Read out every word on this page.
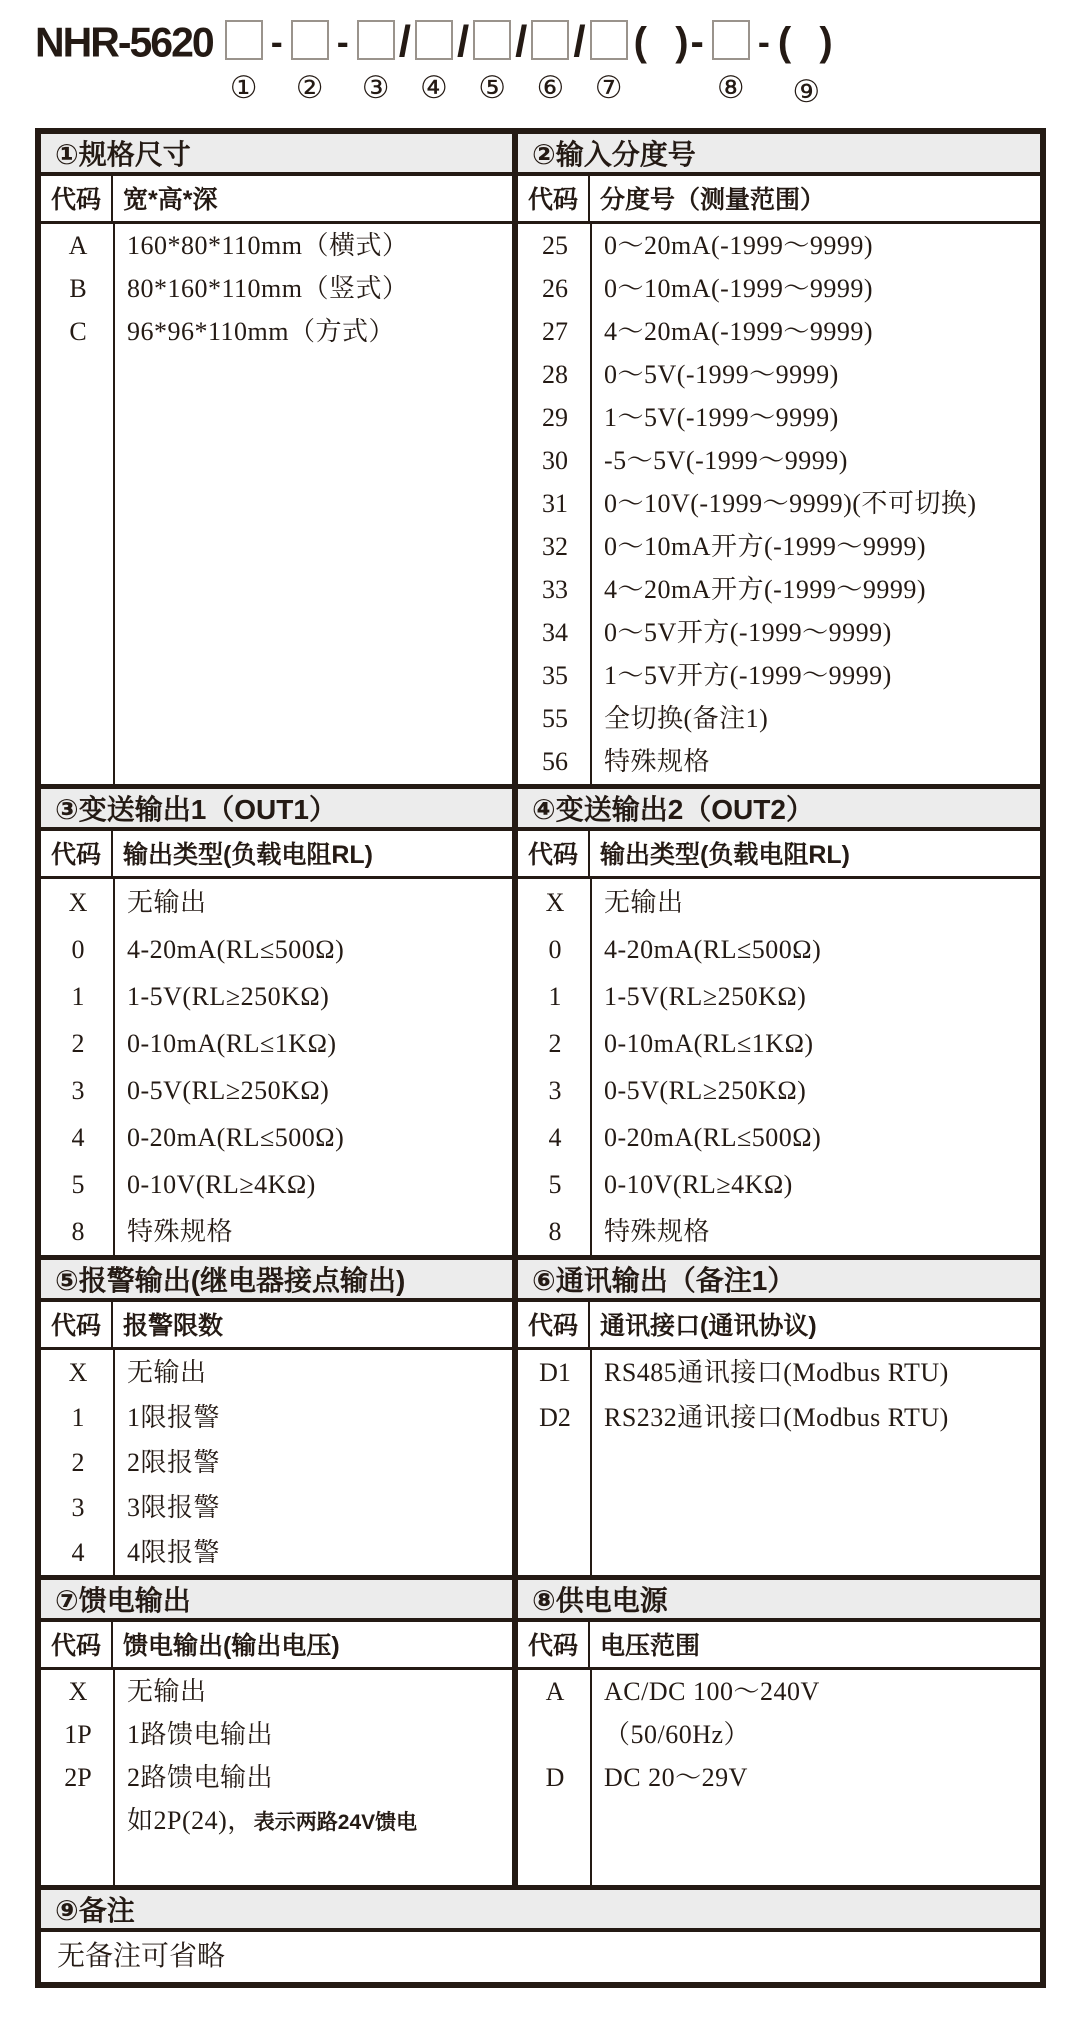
NHR-5620
①
-
②
-
③
/
④
/
⑤
/
⑥
/
⑦
(  )-
⑧
- (  )
⑨
①规格尺寸
代码 宽*高*深
A	160*80*110mm（横式）
B	80*160*110mm（竖式）
C	96*96*110mm（方式）
②输入分度号
代码 分度号（测量范围）
25	0～20mA(-1999～9999)
26	0～10mA(-1999～9999)
27	4～20mA(-1999～9999)
28	0～5V(-1999～9999)
29	1～5V(-1999～9999)
30	-5～5V(-1999～9999)
31	0～10V(-1999～9999)(不可切换)
32	0～10mA开方(-1999～9999)
33	4～20mA开方(-1999～9999)
34	0～5V开方(-1999～9999)
35	1～5V开方(-1999～9999)
55	全切换(备注1)
56	特殊规格
③变送输出1（OUT1）
代码 输出类型(负载电阻RL)
X	无输出
0	4-20mA(RL≤500Ω)
1	1-5V(RL≥250KΩ)
2	0-10mA(RL≤1KΩ)
3	0-5V(RL≥250KΩ)
4	0-20mA(RL≤500Ω)
5	0-10V(RL≥4KΩ)
8	特殊规格
④变送输出2（OUT2）
代码 输出类型(负载电阻RL)
X	无输出
0	4-20mA(RL≤500Ω)
1	1-5V(RL≥250KΩ)
2	0-10mA(RL≤1KΩ)
3	0-5V(RL≥250KΩ)
4	0-20mA(RL≤500Ω)
5	0-10V(RL≥4KΩ)
8	特殊规格
⑤报警输出(继电器接点输出)
代码 报警限数
X	无输出
1	1限报警
2	2限报警
3	3限报警
4	4限报警
⑥通讯输出（备注1）
代码 通讯接口(通讯协议)
D1	RS485通讯接口(Modbus RTU)
D2	RS232通讯接口(Modbus RTU)
⑦馈电输出
代码 馈电输出(输出电压)
X	无输出
1P	1路馈电输出
2P	2路馈电输出
如2P(24)，表示两路24V馈电
⑧供电电源
代码 电压范围
A	AC/DC 100～240V
（50/60Hz）
D	DC 20～29V
⑨备注
无备注可省略
